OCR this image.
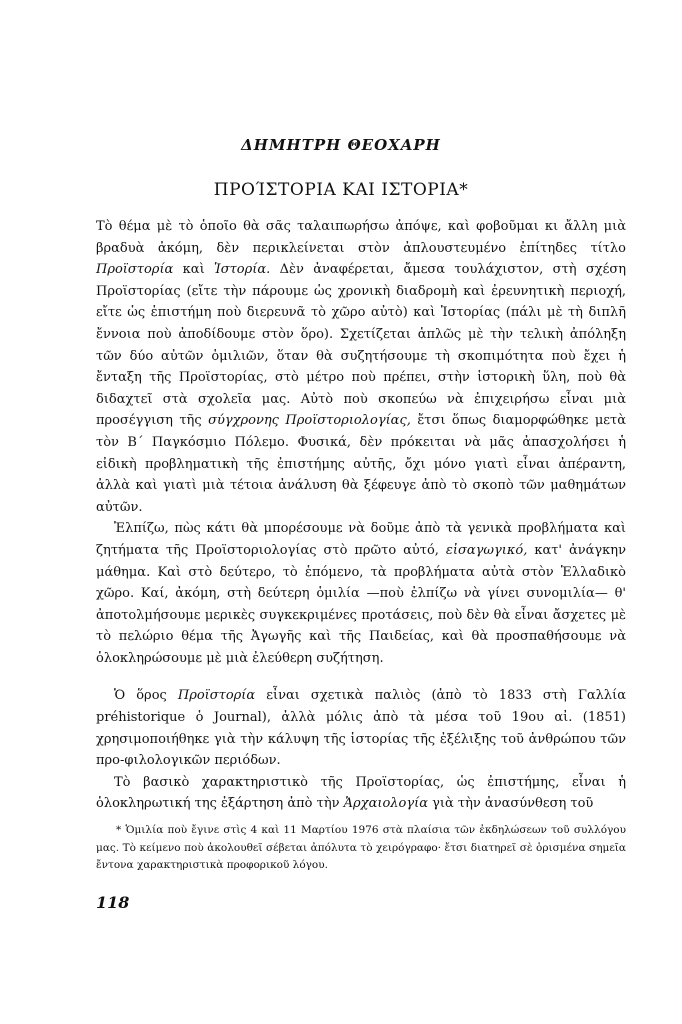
ΔΗΜΗΤΡΗ ΘΕΟΧΑΡΗ
ΠΡΟΊΣΤΟΡΙΑ ΚΑΙ ΙΣΤΟΡΙΑ*

Τὸ θέμα μὲ τὸ ὁποῖο θὰ σᾶς ταλαιπωρήσω ἀπόψε, καὶ φοβοῦμαι κι ἄλλη μιὰ βραδυὰ ἀκόμη, δὲν περικλείνεται στὸν ἀπλουστευμένο ἐπίτηδες τίτλο Προϊστορία καὶ Ἱστορία. Δὲν ἀναφέρεται, ἄμεσα τουλάχιστον, στὴ σχέση Προϊστορίας (εἴτε τὴν πάρουμε ὡς χρονικὴ διαδρομὴ καὶ ἐρευνητικὴ περιοχή, εἴτε ὡς ἐπιστήμη ποὺ διερευνᾶ τὸ χῶρο αὐτὸ) καὶ Ἱστορίας (πάλι μὲ τὴ διπλῆ ἔννοια ποὺ ἀποδίδουμε στὸν ὅρο). Σχετίζεται ἁπλῶς μὲ τὴν τελικὴ ἀπόληξη τῶν δύο αὐτῶν ὁμιλιῶν, ὅταν θὰ συζητήσουμε τὴ σκοπιμότητα ποὺ ἔχει ἡ ἔνταξη τῆς Προϊστορίας, στὸ μέτρο ποὺ πρέπει, στὴν ἱστορικὴ ὕλη, ποὺ θὰ διδαχτεῖ στὰ σχολεῖα μας. Αὐτὸ ποὺ σκοπεύω νὰ ἐπιχειρήσω εἶναι μιὰ προσέγγιση τῆς σύγχρονης Προϊστοριολογίας, ἔτσι ὅπως διαμορφώθηκε μετὰ τὸν Β΄ Παγκόσμιο Πόλεμο. Φυσικά, δὲν πρόκειται νὰ μᾶς ἀπασχολήσει ἡ εἰδικὴ προβληματικὴ τῆς ἐπιστήμης αὐτῆς, ὄχι μόνο γιατὶ εἶναι ἀπέραντη, ἀλλὰ καὶ γιατὶ μιὰ τέτοια ἀνάλυση θὰ ξέφευγε ἀπὸ τὸ σκοπὸ τῶν μαθημάτων αὐτῶν.

Ἐλπίζω, πὼς κάτι θὰ μπορέσουμε νὰ δοῦμε ἀπὸ τὰ γενικὰ προβλήματα καὶ ζητήματα τῆς Προϊστοριολογίας στὸ πρῶτο αὐτό, εἰσαγωγικό, κατ' ἀνάγκην μάθημα. Καὶ στὸ δεύτερο, τὸ ἑπόμενο, τὰ προβλήματα αὐτὰ στὸν Ἑλλαδικὸ χῶρο. Καί, ἀκόμη, στὴ δεύτερη ὁμιλία —ποὺ ἐλπίζω νὰ γίνει συνομιλία— θ' ἀποτολμήσουμε μερικὲς συγκεκριμένες προτάσεις, ποὺ δὲν θὰ εἶναι ἄσχετες μὲ τὸ πελώριο θέμα τῆς Ἀγωγῆς καὶ τῆς Παιδείας, καὶ θὰ προσπαθήσουμε νὰ ὁλοκληρώσουμε μὲ μιὰ ἐλεύθερη συζήτηση.

Ὁ ὅρος Προϊστορία εἶναι σχετικὰ παλιὸς (ἀπὸ τὸ 1833 στὴ Γαλλία préhistorique ὁ Journal), ἀλλὰ μόλις ἀπὸ τὰ μέσα τοῦ 19ου αἰ. (1851) χρησιμοποιήθηκε γιὰ τὴν κάλυψη τῆς ἱστορίας τῆς ἐξέλιξης τοῦ ἀνθρώπου τῶν προ-φιλολογικῶν περιόδων.

Τὸ βασικὸ χαρακτηριστικὸ τῆς Προϊστορίας, ὡς ἐπιστήμης, εἶναι ἡ ὁλοκληρωτική της ἐξάρτηση ἀπὸ τὴν Ἀρχαιολογία γιὰ τὴν ἀνασύνθεση τοῦ

* Ὁμιλία ποὺ ἔγινε στὶς 4 καὶ 11 Μαρτίου 1976 στὰ πλαίσια τῶν ἐκδηλώσεων τοῦ συλλόγου μας. Τὸ κείμενο ποὺ ἀκολουθεῖ σέβεται ἀπόλυτα τὸ χειρόγραφο· ἔτσι διατηρεῖ σὲ ὁρισμένα σημεῖα ἔντονα χαρακτηριστικὰ προφορικοῦ λόγου.
118
